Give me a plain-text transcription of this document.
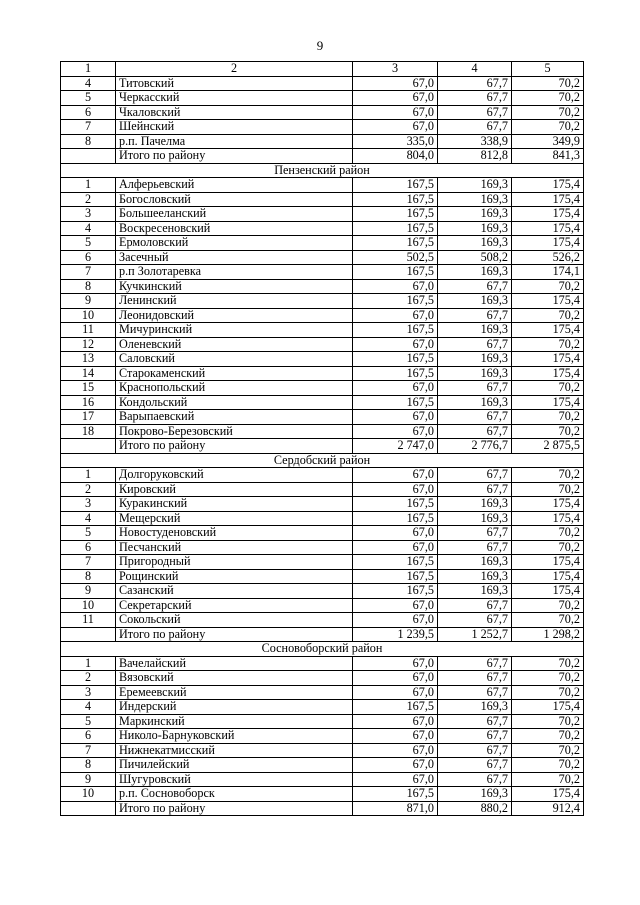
9
1	2	3	4	5
4	Титовский	67,0	67,7	70,2
5	Черкасский	67,0	67,7	70,2
6	Чкаловский	67,0	67,7	70,2
7	Шейнский	67,0	67,7	70,2
8	р.п. Пачелма	335,0	338,9	349,9
	Итого по району	804,0	812,8	841,3
Пензенский район				
1	Алферьевский	167,5	169,3	175,4
2	Богословский	167,5	169,3	175,4
3	Большееланский	167,5	169,3	175,4
4	Воскресеновский	167,5	169,3	175,4
5	Ермоловский	167,5	169,3	175,4
6	Засечный	502,5	508,2	526,2
7	р.п Золотаревка	167,5	169,3	174,1
8	Кучкинский	67,0	67,7	70,2
9	Ленинский	167,5	169,3	175,4
10	Леонидовский	67,0	67,7	70,2
11	Мичуринский	167,5	169,3	175,4
12	Оленевский	67,0	67,7	70,2
13	Саловский	167,5	169,3	175,4
14	Старокаменский	167,5	169,3	175,4
15	Краснопольский	67,0	67,7	70,2
16	Кондольский	167,5	169,3	175,4
17	Варыпаевский	67,0	67,7	70,2
18	Покрово-Березовский	67,0	67,7	70,2
	Итого по району	2 747,0	2 776,7	2 875,5
Сердобский район				
1	Долгоруковский	67,0	67,7	70,2
2	Кировский	67,0	67,7	70,2
3	Куракинский	167,5	169,3	175,4
4	Мещерский	167,5	169,3	175,4
5	Новостуденовский	67,0	67,7	70,2
6	Песчанский	67,0	67,7	70,2
7	Пригородный	167,5	169,3	175,4
8	Рощинский	167,5	169,3	175,4
9	Сазанский	167,5	169,3	175,4
10	Секретарский	67,0	67,7	70,2
11	Сокольский	67,0	67,7	70,2
	Итого по району	1 239,5	1 252,7	1 298,2
Сосновоборский район				
1	Вачелайский	67,0	67,7	70,2
2	Вязовский	67,0	67,7	70,2
3	Еремеевский	67,0	67,7	70,2
4	Индерский	167,5	169,3	175,4
5	Маркинский	67,0	67,7	70,2
6	Николо-Барнуковский	67,0	67,7	70,2
7	Нижнекатмисский	67,0	67,7	70,2
8	Пичилейский	67,0	67,7	70,2
9	Шугуровский	67,0	67,7	70,2
10	р.п. Сосновоборск	167,5	169,3	175,4
	Итого по району	871,0	880,2	912,4
